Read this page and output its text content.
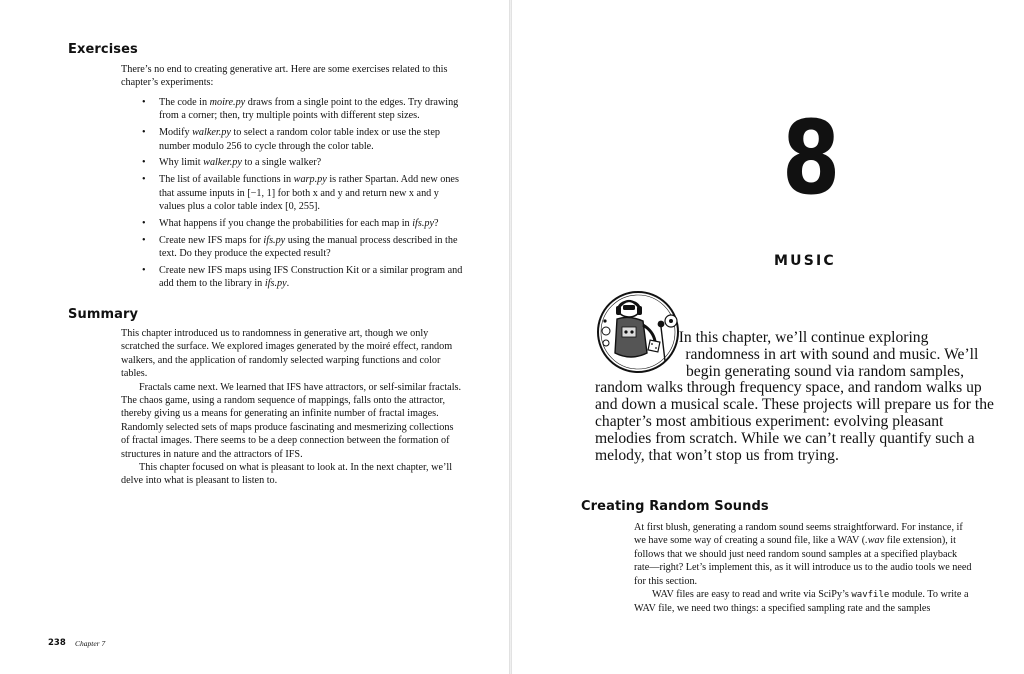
Exercises

There’s no end to creating generative art. Here are some exercises related to this chapter’s experiments:

• The code in moire.py draws from a single point to the edges. Try drawing from a corner; then, try multiple points with different step sizes.
• Modify walker.py to select a random color table index or use the step number modulo 256 to cycle through the color table.
• Why limit walker.py to a single walker?
• The list of available functions in warp.py is rather Spartan. Add new ones that assume inputs in [−1, 1] for both x and y and return new x and y values plus a color table index [0, 255].
• What happens if you change the probabilities for each map in ifs.py?
• Create new IFS maps for ifs.py using the manual process described in the text. Do they produce the expected result?
• Create new IFS maps using IFS Construction Kit or a similar program and add them to the library in ifs.py.
Summary

This chapter introduced us to randomness in generative art, though we only scratched the surface. We explored images generated by the moiré effect, random walkers, and the application of randomly selected warping functions and color tables.

Fractals came next. We learned that IFS have attractors, or self-similar fractals. The chaos game, using a random sequence of mappings, falls onto the attractor, thereby giving us a means for generating an infinite number of fractal images. Randomly selected sets of maps produce fascinating and mesmerizing collections of fractal images. There seems to be a deep connection between the formation of structures in nature and the attractors of IFS.

This chapter focused on what is pleasant to look at. In the next chapter, we’ll delve into what is pleasant to listen to.

238 Chapter 7
8
MUSIC
In this chapter, we’ll continue exploring randomness in art with sound and music. We’ll begin generating sound via random samples, random walks through frequency space, and random walks up and down a musical scale. These projects will prepare us for the chapter’s most ambitious experiment: evolving pleasant melodies from scratch. While we can’t really quantify such a melody, that won’t stop us from trying.
Creating Random Sounds

At first blush, generating a random sound seems straightforward. For instance, if we have some way of creating a sound file, like a WAV (.wav file extension), it follows that we should just need random sound samples at a specified playback rate—right? Let’s implement this, as it will introduce us to the audio tools we need for this section.

WAV files are easy to read and write via SciPy’s wavfile module. To write a WAV file, we need two things: a specified sampling rate and the samples
